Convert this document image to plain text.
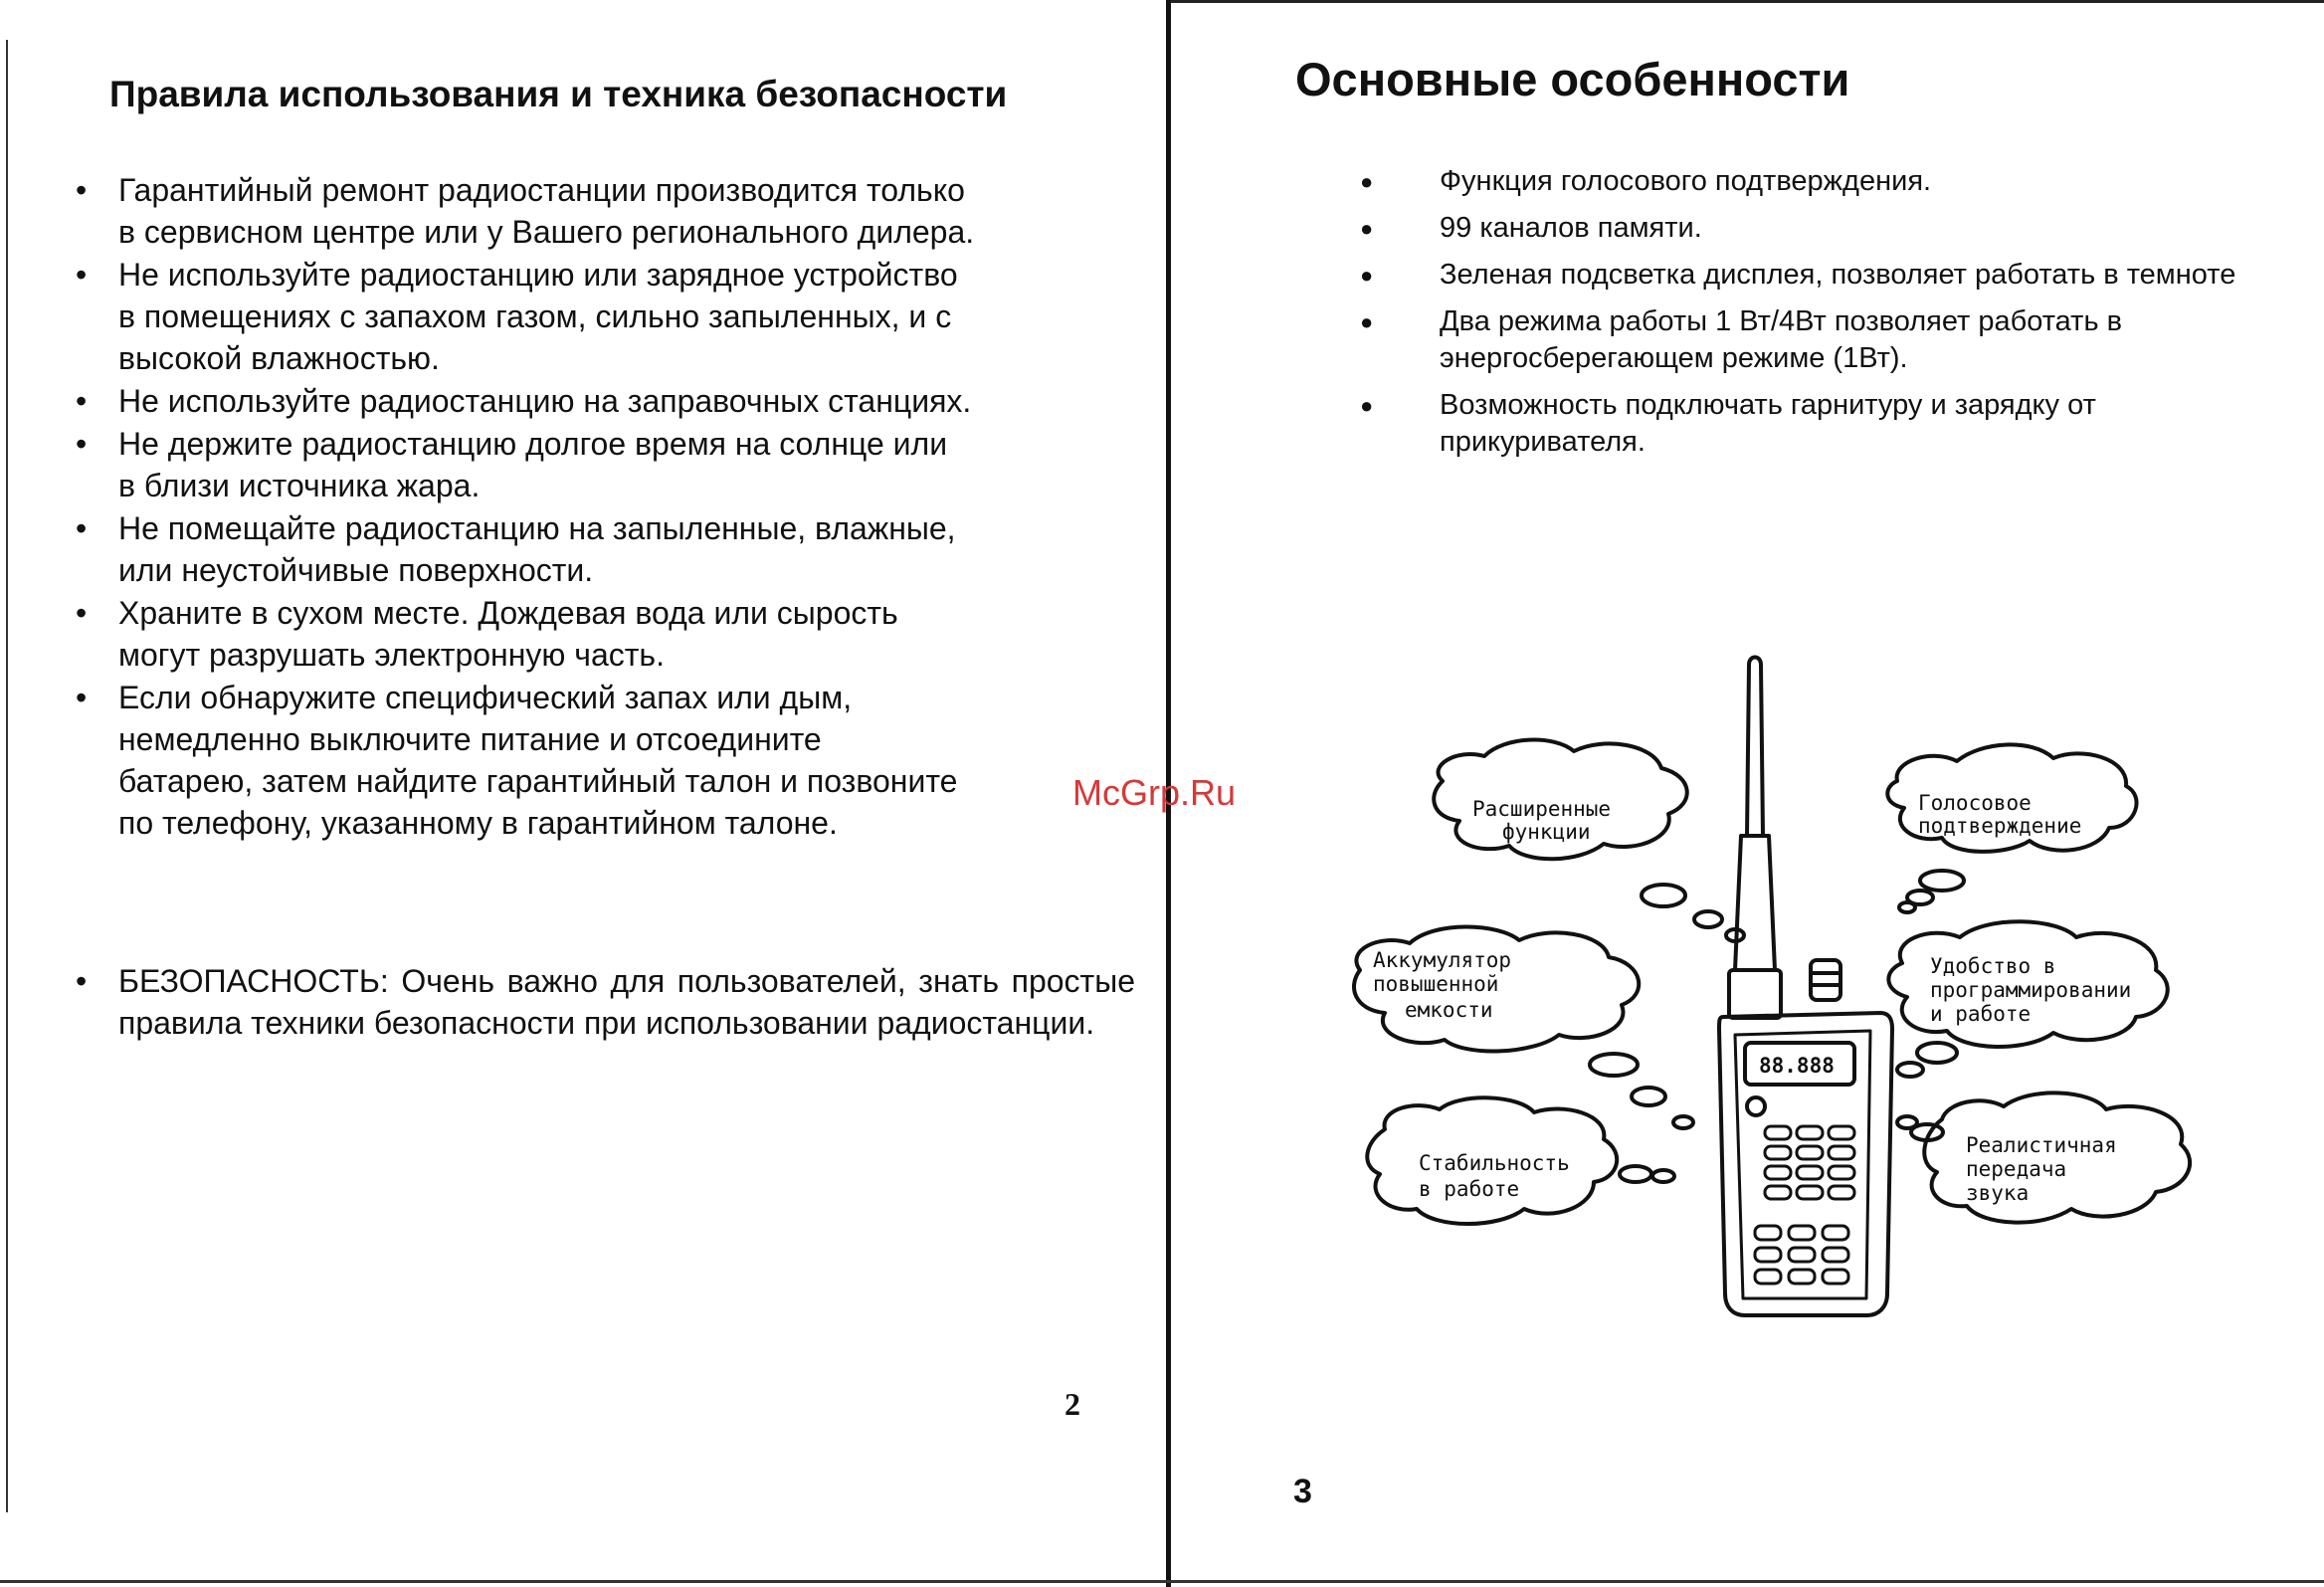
Правила использования и техника безопасности
• Гарантийный ремонт радиостанции производится только
в сервисном центре или у Вашего регионального дилера.
• Не используйте радиостанцию или зарядное устройство
в помещениях с запахом газом, сильно запыленных, и с
высокой влажностью.
• Не используйте радиостанцию на заправочных станциях.
• Не держите радиостанцию долгое время на солнце или
в близи источника жара.
• Не помещайте радиостанцию на запыленные, влажные,
или неустойчивые поверхности.
• Храните в сухом месте. Дождевая вода или сырость
могут разрушать электронную часть.
• Если обнаружите специфический запах или дым,
немедленно выключите питание и отсоедините
батарею, затем найдите гарантийный талон и позвоните
по телефону, указанному в гарантийном талоне.

• БЕЗОПАСНОСТЬ: Очень важно для пользователей, знать простые правила техники безопасности при использовании радиостанции.

2
McGrp.Ru
Основные особенности
● Функция голосового подтверждения.
● 99 каналов памяти.
● Зеленая подсветка дисплея, позволяет работать в темноте
● Два режима работы 1 Вт/4Вт позволяет работать в
энергосберегающем режиме (1Вт).
● Возможность подключать гарнитуру и зарядку от
прикуривателя.
88.888
Расширенные
функции
Голосовое
подтверждение
Аккумулятор
повышенной
емкости
Удобство в
программировании
и работе
Стабильность
в работе
Реалистичная
передача
звука
3
